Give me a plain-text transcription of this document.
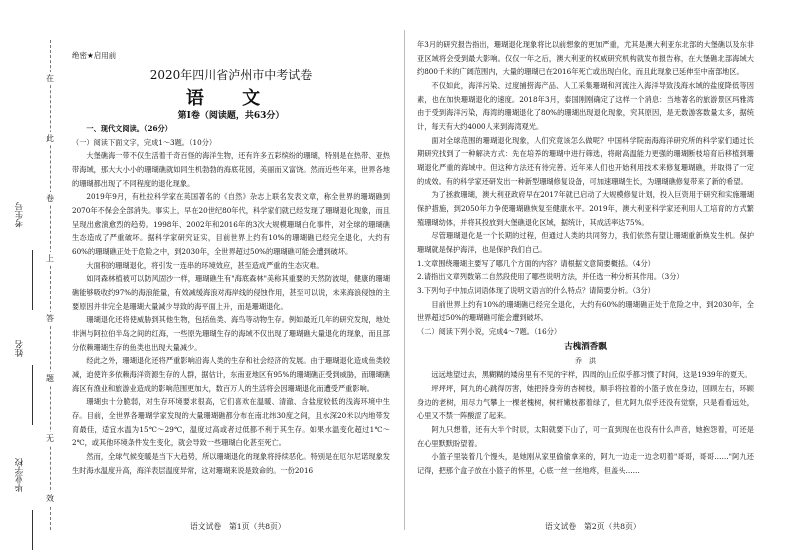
在
此
卷
上
答
题
无
效
考生号
姓名
毕业学校
绝密★启用前
2020年四川省泸州市中考试卷
语 文
第Ⅰ卷（阅读题，共63分）

一、现代文阅读。（26分）

（一）阅读下面文字，完成1～3题。（10分）

大堡礁海一带不仅生活着千奇百怪的海洋生物，还有许多五彩缤纷的珊瑚，特别是在热带、亚热带海域，那大大小小的珊瑚礁就如同生机勃勃的海底花园，美丽而又富饶。然而近些年来，世界各地的珊瑚都出现了不同程度的退化现象。

2019年9月，有杜拉科学家在英国著名的《自然》杂志上联名发表文章，称全世界的珊瑚礁到2070年不保会全部消失。事实上，早在20世纪80年代，科学家们就已经发现了珊瑚退化现象，而且呈现出愈演愈烈的趋势。1998年、2002年和2016年的3次大规模珊瑚白化事件，对全球的珊瑚礁生态造成了严重破坏。据科学家研究证实，目前世界上约有10%的珊瑚礁已经完全退化，大约有60%的珊瑚礁正处于危险之中，到2030年，全世界超过50%的珊瑚礁可能会遭到破坏。

大面积的珊瑚退化，将引发一连串的环境效应，甚至造成严重的生态灾难。

如同森林植被可以防风固沙一样，珊瑚礁生有"海底森林"美称其重要的天然防波堤，健康的珊瑚礁能够吸收约97%的海浪能量，有效减缓海浪对海岸线的侵蚀作用，甚至可以说，未来海浪侵蚀的主要原因并非完全是珊瑚大量减少导致的海平面上升，而是珊瑚退化。

珊瑚退化还将使威胁到其他生物，包括鱼类、海鸟等动物生存。例如最近几年的研究发现，地处非洲与阿拉伯半岛之间的红海，一些原先珊瑚生存的海域不仅出现了珊瑚礁大量退化的现象，而且部分依赖珊瑚生存的鱼类也出现大量减少。

经此之外，珊瑚退化还将严重影响沿海人类的生存和社会经济的发展。由于珊瑚退化造成鱼类较减，迫使许多依赖海洋资源生存的人群，据估计，东南亚地区有95%的珊瑚礁正受到威胁，而珊瑚礁海区有渔业和旅游业造成的影响范围更加大，数百万人的生活将会因珊瑚退化而遭受严重影响。

珊瑚虫十分脆弱，对生存环境要求很高，它们喜欢在温暖、清澈、含盐度较低的浅海环境中生存。目前，全世界各珊瑚学家发现的大量珊瑚礁都分布在南北纬30度之间，且水深20米以内地带发育最佳，适宜水温为15℃～29℃，温度过高或者过低都不利于其生存。如果水温变化超过1℃～2℃，或其他环境条件发生变化，就会导致一些珊瑚白化甚至死亡。

然而，全球气候变暖是当下大趋势，所以珊瑚退化的现象将持续恶化。特别是在厄尔尼诺现象发生时海水温度升高，海洋表层温度异常，这对珊瑚来说是致命的。一份2016

语文试卷　第1页（共8页）

年3月的研究报告指出，珊瑚退化现象将比以前想象的更加严重，尤其是澳大利亚东北部的大堡礁以及东非亚区域将会受到最大影响。仅仅一年之后，澳大利亚的权威研究机构就发布报告称，在大堡礁北部海域大约800千米的广阔范围内，大量的珊瑚已在2016年死亡或出现白化，而且此现象已延伸至中南部地区。

不仅如此，海洋污染、过度捕捞海产品、人工采集珊瑚和河流注入海洋导致浅海水域的盐度降低等因素，也在加快珊瑚退化的速度。2018年3月，泰国刚刚确定了这样一个消息：当地著名的旅游景区玛雅湾由于受到海洋污染，海湾的珊瑚退化了80%的珊瑚出现退化现象，究其原因，是无数游客数量太多，据统计，每天有大约4000人来到海湾观光。

面对全球范围的珊瑚退化现象，人们究竟该怎么做呢？中国科学院南海海洋研究所的科学家们通过长期研究找到了一种解决方式：先在培养的珊瑚中进行筛选，将耐高温能力更强的珊瑚断枝培育后移植到珊瑚退化严重的海域中。但这种方法还有待完善。近年来人们也开始利用技术来修复珊瑚礁，并取得了一定的成效。有的科学家还研发出一种新型珊瑚修复设备，可加速珊瑚生长，为珊瑚礁修复带来了新的希望。

为了拯救珊瑚，澳大利亚政府早在2017年就已启动了大规模修复计划，投入巨资用于研究和实施珊瑚保护措施，到2050年力争使珊瑚礁恢复至健康水平。2019年，澳大利亚科学家还利用人工培育的方式繁殖珊瑚幼体，并将其投放到大堡礁退化区域，据统计，其成活率达75%。

尽管珊瑚退化是一个长期的过程，但通过人类的共同努力，我们依然有望让珊瑚重新焕发生机。保护珊瑚就是保护海洋，也是保护我们自己。

1.文章围绕珊瑚主要写了哪几个方面的内容？请根据文意简要概括。（4分）

2.请指出文章列数第二自然段使用了哪些说明方法，并任选一种分析其作用。（3分）

3.下列句子中加点词语体现了说明文语言的什么特点？请简要分析。（3分）

目前世界上约有10%的珊瑚礁已经完全退化，大约有60%的珊瑚礁正处于危险之中，到2030年，全世界超过50%的珊瑚礁可能会遭到破坏。

（二）阅读下列小说，完成4～7题。（16分）

古槐酒香飘
乔　洪

远远地望过去，黑糊糊的矮房里有不见的宇样，四周的山丘似乎都习惯了时间，这是1939年的夏天。

坪坪坪，阿九的心跳得厉害，她把持身旁的杏树枝，顺手将拉着的小篮子放在身边，回顾左右，环顾身边的老树，用尽力气攀上一棵老槐树，树杆嫩枝都着绿了，但尤阿九似乎还没有觉察，只是看看远处，心里又不禁一阵酸涩了起来。

阿九只想着，还有大半个时辰，太阳就要下山了，可一直到现在也没有什么声音，她抱怨着，可还是在心里默默盼望着。

小篮子里装着几个馒头，是她刚从家里偷偷拿来的，阿九一边走一边念叨着"哥哥，哥哥……"阿九还记得，把那个盒子放在小篮子的怀里，心底一丝一丝地疼，但盖头……

语文试卷　第2页（共8页）
